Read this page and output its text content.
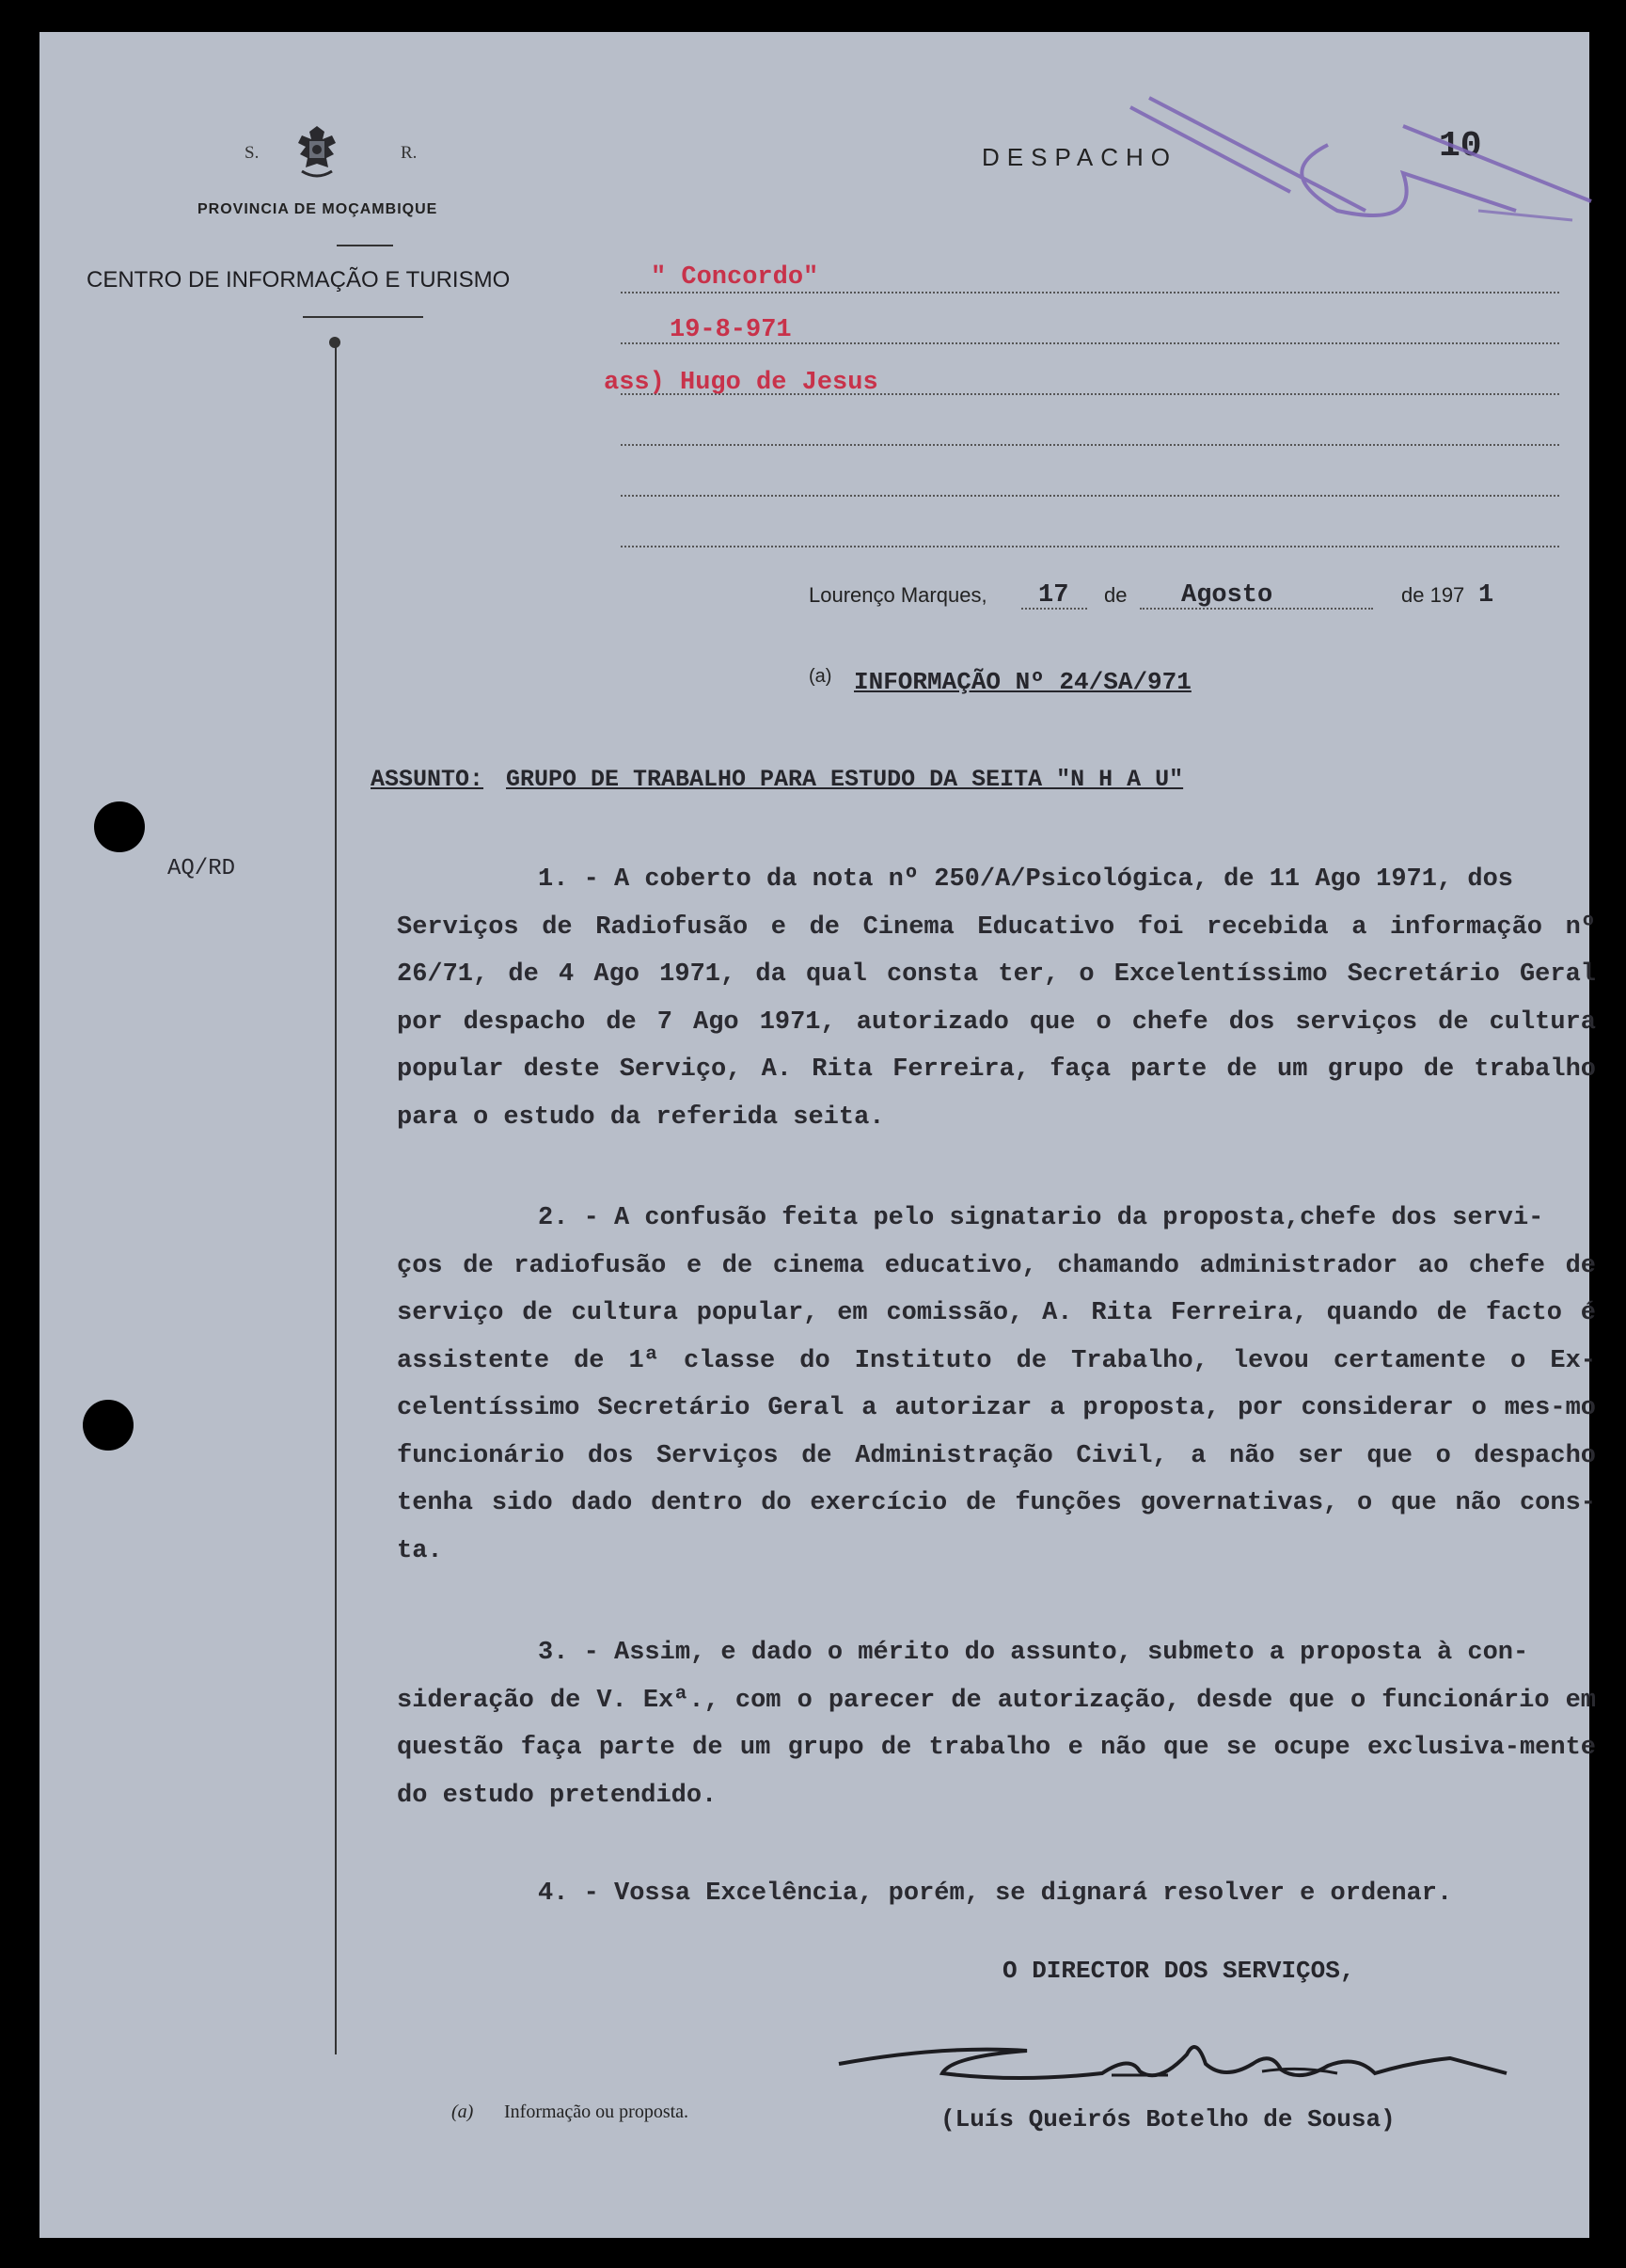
S.	R.
PROVINCIA DE MOÇAMBIQUE
CENTRO DE INFORMAÇÃO E TURISMO
DESPACHO	10
" Concordo"
19-8-971
ass) Hugo de Jesus
Lourenço Marques, 17 de Agosto	de 197 1
(a) INFORMAÇÃO Nº 24/SA/971
ASSUNTO: GRUPO DE TRABALHO PARA ESTUDO DA SEITA "N H A U"
AQ/RD	1. - A coberto da nota nº 250/A/Psicológica, de 11 Ago 1971, dos

Serviços de Radiofusão e de Cinema Educativo foi recebida a informação nº 26/71, de 4 Ago 1971, da qual consta ter, o Excelentíssimo Secretário Geral por despacho de 7 Ago 1971, autorizado que o chefe dos serviços de cultura popular deste Serviço, A. Rita Ferreira, faça parte de um grupo de trabalho para o estudo da referida seita.

2. - A confusão feita pelo signatario da proposta,chefe dos servi-

ços de radiofusão e de cinema educativo, chamando administrador ao chefe de serviço de cultura popular, em comissão, A. Rita Ferreira, quando de facto é assistente de 1ª classe do Instituto de Trabalho, levou certamente o Ex-celentíssimo Secretário Geral a autorizar a proposta, por considerar o mes-mo funcionário dos Serviços de Administração Civil, a não ser que o despacho tenha sido dado dentro do exercício de funções governativas, o que não cons-ta.

3. - Assim, e dado o mérito do assunto, submeto a proposta à con-

sideração de V. Exª., com o parecer de autorização, desde que o funcionário em questão faça parte de um grupo de trabalho e não que se ocupe exclusiva-mente do estudo pretendido.

4. - Vossa Excelência, porém, se dignará resolver e ordenar.

O DIRECTOR DOS SERVIÇOS,
(Luís Queirós Botelho de Sousa)
(a) Informação ou proposta.
